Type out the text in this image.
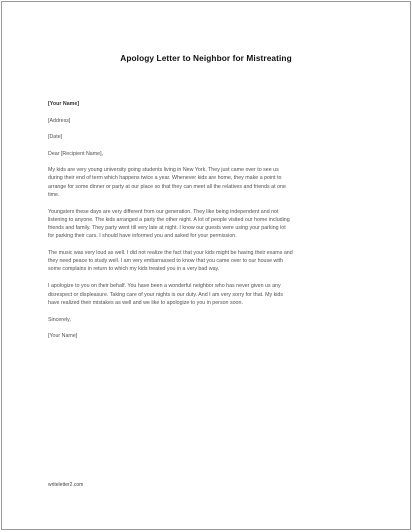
Apology Letter to Neighbor for Mistreating
[Your Name]
[Address]
[Date]
Dear [Recipient Name],
My kids are very young university going students living in New York. They just came over to see us
during their end of term which happens twice a year. Whenever kids are home, they make a point to
arrange for some dinner or party at our place so that they can meet all the relatives and friends at one
time.
Youngsters these days are very different from our generation. They like being independent and not
listening to anyone. The kids arranged a party the other night. A lot of people visited our home including
friends and family. They party went till very late at night. I know our guests were using your parking lot
for parking their cars. I should have informed you and asked for your permission.
The music was very loud as well. I did not realize the fact that your kids might be having their exams and
they need peace to study well. I am very embarrassed to know that you came over to our house with
some complains in return to which my kids treated you in a very bad way.
I apologize to you on their behalf. You have been a wonderful neighbor who has never given us any
disrespect or displeasure. Taking care of your nights is our duty. And I am very sorry for that. My kids
have realized their mistakes as well and we like to apologize to you in person soon.
Sincerely,
[Your Name]
writeletter2.com
